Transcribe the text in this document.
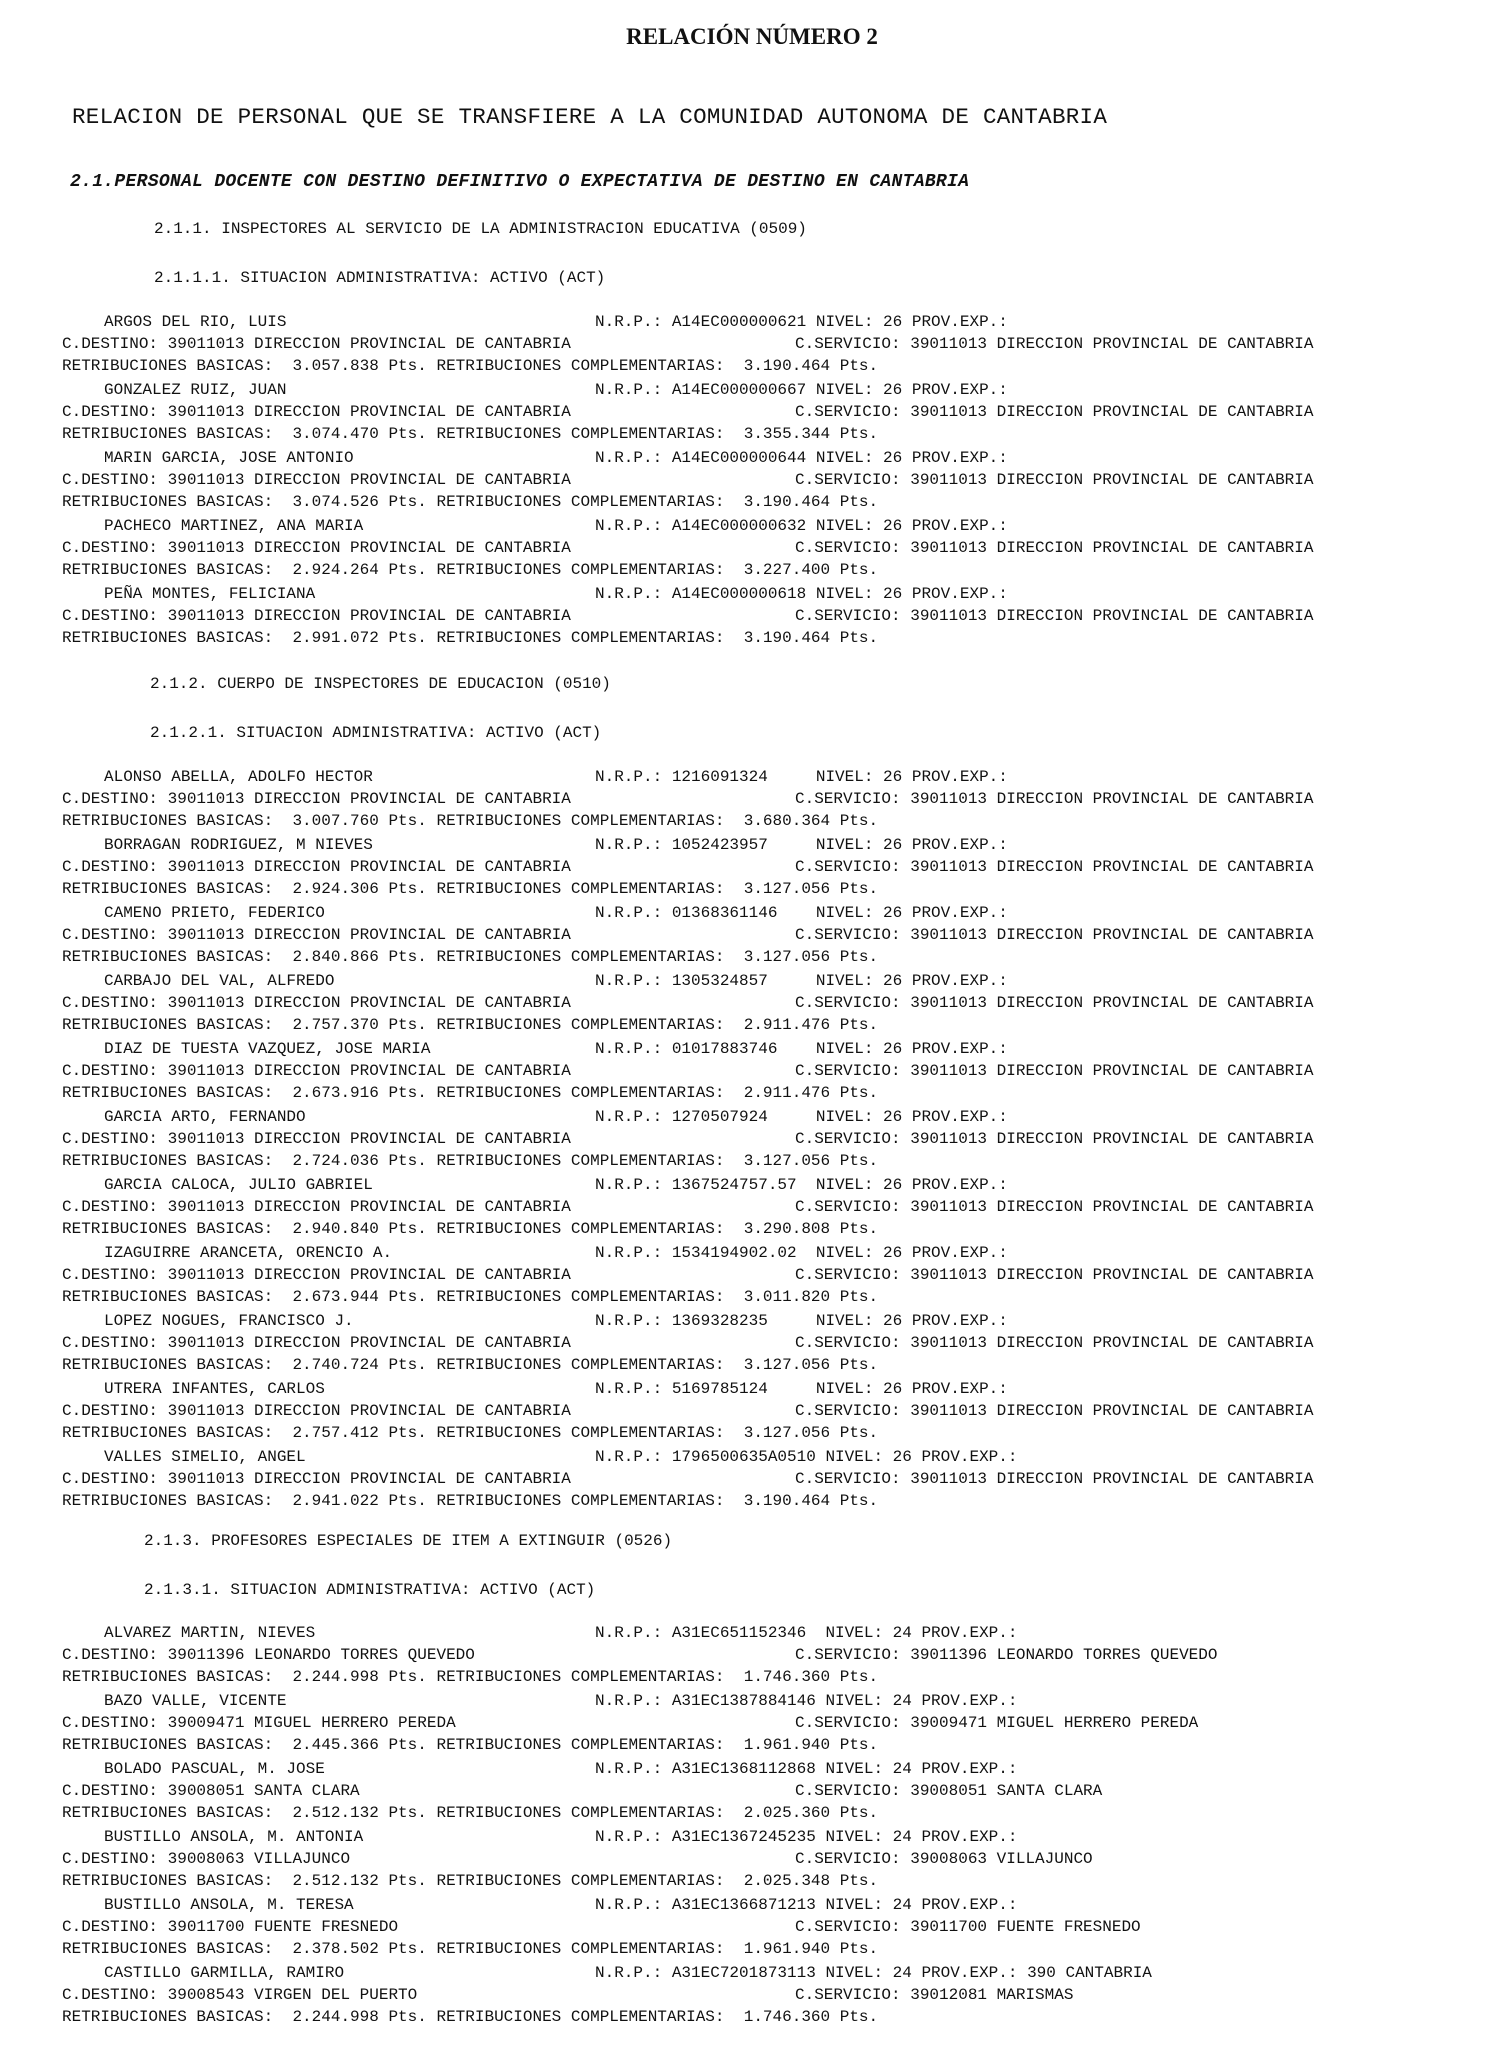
RELACIÓN NÚMERO 2
RELACION DE PERSONAL QUE SE TRANSFIERE A LA COMUNIDAD AUTONOMA DE CANTABRIA
2.1.PERSONAL DOCENTE CON DESTINO DEFINITIVO O EXPECTATIVA DE DESTINO EN CANTABRIA
2.1.1. INSPECTORES AL SERVICIO DE LA ADMINISTRACION EDUCATIVA (0509)
2.1.1.1. SITUACION ADMINISTRATIVA: ACTIVO (ACT)
ARGOS DEL RIO, LUIS	N.R.P.: A14EC000000621 NIVEL: 26 PROV.EXP.:
C.DESTINO: 39011013 DIRECCION PROVINCIAL DE CANTABRIA	C.SERVICIO: 39011013 DIRECCION PROVINCIAL DE CANTABRIA
RETRIBUCIONES BASICAS:  3.057.838 Pts. RETRIBUCIONES COMPLEMENTARIAS:  3.190.464 Pts.
GONZALEZ RUIZ, JUAN	N.R.P.: A14EC000000667 NIVEL: 26 PROV.EXP.:
C.DESTINO: 39011013 DIRECCION PROVINCIAL DE CANTABRIA	C.SERVICIO: 39011013 DIRECCION PROVINCIAL DE CANTABRIA
RETRIBUCIONES BASICAS:  3.074.470 Pts. RETRIBUCIONES COMPLEMENTARIAS:  3.355.344 Pts.
MARIN GARCIA, JOSE ANTONIO	N.R.P.: A14EC000000644 NIVEL: 26 PROV.EXP.:
C.DESTINO: 39011013 DIRECCION PROVINCIAL DE CANTABRIA	C.SERVICIO: 39011013 DIRECCION PROVINCIAL DE CANTABRIA
RETRIBUCIONES BASICAS:  3.074.526 Pts. RETRIBUCIONES COMPLEMENTARIAS:  3.190.464 Pts.
PACHECO MARTINEZ, ANA MARIA	N.R.P.: A14EC000000632 NIVEL: 26 PROV.EXP.:
C.DESTINO: 39011013 DIRECCION PROVINCIAL DE CANTABRIA	C.SERVICIO: 39011013 DIRECCION PROVINCIAL DE CANTABRIA
RETRIBUCIONES BASICAS:  2.924.264 Pts. RETRIBUCIONES COMPLEMENTARIAS:  3.227.400 Pts.
PEÑA MONTES, FELICIANA	N.R.P.: A14EC000000618 NIVEL: 26 PROV.EXP.:
C.DESTINO: 39011013 DIRECCION PROVINCIAL DE CANTABRIA	C.SERVICIO: 39011013 DIRECCION PROVINCIAL DE CANTABRIA
RETRIBUCIONES BASICAS:  2.991.072 Pts. RETRIBUCIONES COMPLEMENTARIAS:  3.190.464 Pts.
2.1.2. CUERPO DE INSPECTORES DE EDUCACION (0510)
2.1.2.1. SITUACION ADMINISTRATIVA: ACTIVO (ACT)
ALONSO ABELLA, ADOLFO HECTOR	N.R.P.: 1216091324     NIVEL: 26 PROV.EXP.:
C.DESTINO: 39011013 DIRECCION PROVINCIAL DE CANTABRIA	C.SERVICIO: 39011013 DIRECCION PROVINCIAL DE CANTABRIA
RETRIBUCIONES BASICAS:  3.007.760 Pts. RETRIBUCIONES COMPLEMENTARIAS:  3.680.364 Pts.
BORRAGAN RODRIGUEZ, M NIEVES	N.R.P.: 1052423957     NIVEL: 26 PROV.EXP.:
C.DESTINO: 39011013 DIRECCION PROVINCIAL DE CANTABRIA	C.SERVICIO: 39011013 DIRECCION PROVINCIAL DE CANTABRIA
RETRIBUCIONES BASICAS:  2.924.306 Pts. RETRIBUCIONES COMPLEMENTARIAS:  3.127.056 Pts.
CAMENO PRIETO, FEDERICO	N.R.P.: 01368361146    NIVEL: 26 PROV.EXP.:
C.DESTINO: 39011013 DIRECCION PROVINCIAL DE CANTABRIA	C.SERVICIO: 39011013 DIRECCION PROVINCIAL DE CANTABRIA
RETRIBUCIONES BASICAS:  2.840.866 Pts. RETRIBUCIONES COMPLEMENTARIAS:  3.127.056 Pts.
CARBAJO DEL VAL, ALFREDO	N.R.P.: 1305324857     NIVEL: 26 PROV.EXP.:
C.DESTINO: 39011013 DIRECCION PROVINCIAL DE CANTABRIA	C.SERVICIO: 39011013 DIRECCION PROVINCIAL DE CANTABRIA
RETRIBUCIONES BASICAS:  2.757.370 Pts. RETRIBUCIONES COMPLEMENTARIAS:  2.911.476 Pts.
DIAZ DE TUESTA VAZQUEZ, JOSE MARIA	N.R.P.: 01017883746    NIVEL: 26 PROV.EXP.:
C.DESTINO: 39011013 DIRECCION PROVINCIAL DE CANTABRIA	C.SERVICIO: 39011013 DIRECCION PROVINCIAL DE CANTABRIA
RETRIBUCIONES BASICAS:  2.673.916 Pts. RETRIBUCIONES COMPLEMENTARIAS:  2.911.476 Pts.
GARCIA ARTO, FERNANDO	N.R.P.: 1270507924     NIVEL: 26 PROV.EXP.:
C.DESTINO: 39011013 DIRECCION PROVINCIAL DE CANTABRIA	C.SERVICIO: 39011013 DIRECCION PROVINCIAL DE CANTABRIA
RETRIBUCIONES BASICAS:  2.724.036 Pts. RETRIBUCIONES COMPLEMENTARIAS:  3.127.056 Pts.
GARCIA CALOCA, JULIO GABRIEL	N.R.P.: 1367524757.57  NIVEL: 26 PROV.EXP.:
C.DESTINO: 39011013 DIRECCION PROVINCIAL DE CANTABRIA	C.SERVICIO: 39011013 DIRECCION PROVINCIAL DE CANTABRIA
RETRIBUCIONES BASICAS:  2.940.840 Pts. RETRIBUCIONES COMPLEMENTARIAS:  3.290.808 Pts.
IZAGUIRRE ARANCETA, ORENCIO A.	N.R.P.: 1534194902.02  NIVEL: 26 PROV.EXP.:
C.DESTINO: 39011013 DIRECCION PROVINCIAL DE CANTABRIA	C.SERVICIO: 39011013 DIRECCION PROVINCIAL DE CANTABRIA
RETRIBUCIONES BASICAS:  2.673.944 Pts. RETRIBUCIONES COMPLEMENTARIAS:  3.011.820 Pts.
LOPEZ NOGUES, FRANCISCO J.	N.R.P.: 1369328235     NIVEL: 26 PROV.EXP.:
C.DESTINO: 39011013 DIRECCION PROVINCIAL DE CANTABRIA	C.SERVICIO: 39011013 DIRECCION PROVINCIAL DE CANTABRIA
RETRIBUCIONES BASICAS:  2.740.724 Pts. RETRIBUCIONES COMPLEMENTARIAS:  3.127.056 Pts.
UTRERA INFANTES, CARLOS	N.R.P.: 5169785124     NIVEL: 26 PROV.EXP.:
C.DESTINO: 39011013 DIRECCION PROVINCIAL DE CANTABRIA	C.SERVICIO: 39011013 DIRECCION PROVINCIAL DE CANTABRIA
RETRIBUCIONES BASICAS:  2.757.412 Pts. RETRIBUCIONES COMPLEMENTARIAS:  3.127.056 Pts.
VALLES SIMELIO, ANGEL	N.R.P.: 1796500635A0510 NIVEL: 26 PROV.EXP.:
C.DESTINO: 39011013 DIRECCION PROVINCIAL DE CANTABRIA	C.SERVICIO: 39011013 DIRECCION PROVINCIAL DE CANTABRIA
RETRIBUCIONES BASICAS:  2.941.022 Pts. RETRIBUCIONES COMPLEMENTARIAS:  3.190.464 Pts.
2.1.3. PROFESORES ESPECIALES DE ITEM A EXTINGUIR (0526)
2.1.3.1. SITUACION ADMINISTRATIVA: ACTIVO (ACT)
ALVAREZ MARTIN, NIEVES	N.R.P.: A31EC651152346  NIVEL: 24 PROV.EXP.:
C.DESTINO: 39011396 LEONARDO TORRES QUEVEDO	C.SERVICIO: 39011396 LEONARDO TORRES QUEVEDO
RETRIBUCIONES BASICAS:  2.244.998 Pts. RETRIBUCIONES COMPLEMENTARIAS:  1.746.360 Pts.
BAZO VALLE, VICENTE	N.R.P.: A31EC1387884146 NIVEL: 24 PROV.EXP.:
C.DESTINO: 39009471 MIGUEL HERRERO PEREDA	C.SERVICIO: 39009471 MIGUEL HERRERO PEREDA
RETRIBUCIONES BASICAS:  2.445.366 Pts. RETRIBUCIONES COMPLEMENTARIAS:  1.961.940 Pts.
BOLADO PASCUAL, M. JOSE	N.R.P.: A31EC1368112868 NIVEL: 24 PROV.EXP.:
C.DESTINO: 39008051 SANTA CLARA	C.SERVICIO: 39008051 SANTA CLARA
RETRIBUCIONES BASICAS:  2.512.132 Pts. RETRIBUCIONES COMPLEMENTARIAS:  2.025.360 Pts.
BUSTILLO ANSOLA, M. ANTONIA	N.R.P.: A31EC1367245235 NIVEL: 24 PROV.EXP.:
C.DESTINO: 39008063 VILLAJUNCO	C.SERVICIO: 39008063 VILLAJUNCO
RETRIBUCIONES BASICAS:  2.512.132 Pts. RETRIBUCIONES COMPLEMENTARIAS:  2.025.348 Pts.
BUSTILLO ANSOLA, M. TERESA	N.R.P.: A31EC1366871213 NIVEL: 24 PROV.EXP.:
C.DESTINO: 39011700 FUENTE FRESNEDO	C.SERVICIO: 39011700 FUENTE FRESNEDO
RETRIBUCIONES BASICAS:  2.378.502 Pts. RETRIBUCIONES COMPLEMENTARIAS:  1.961.940 Pts.
CASTILLO GARMILLA, RAMIRO	N.R.P.: A31EC7201873113 NIVEL: 24 PROV.EXP.: 390 CANTABRIA
C.DESTINO: 39008543 VIRGEN DEL PUERTO	C.SERVICIO: 39012081 MARISMAS
RETRIBUCIONES BASICAS:  2.244.998 Pts. RETRIBUCIONES COMPLEMENTARIAS:  1.746.360 Pts.
